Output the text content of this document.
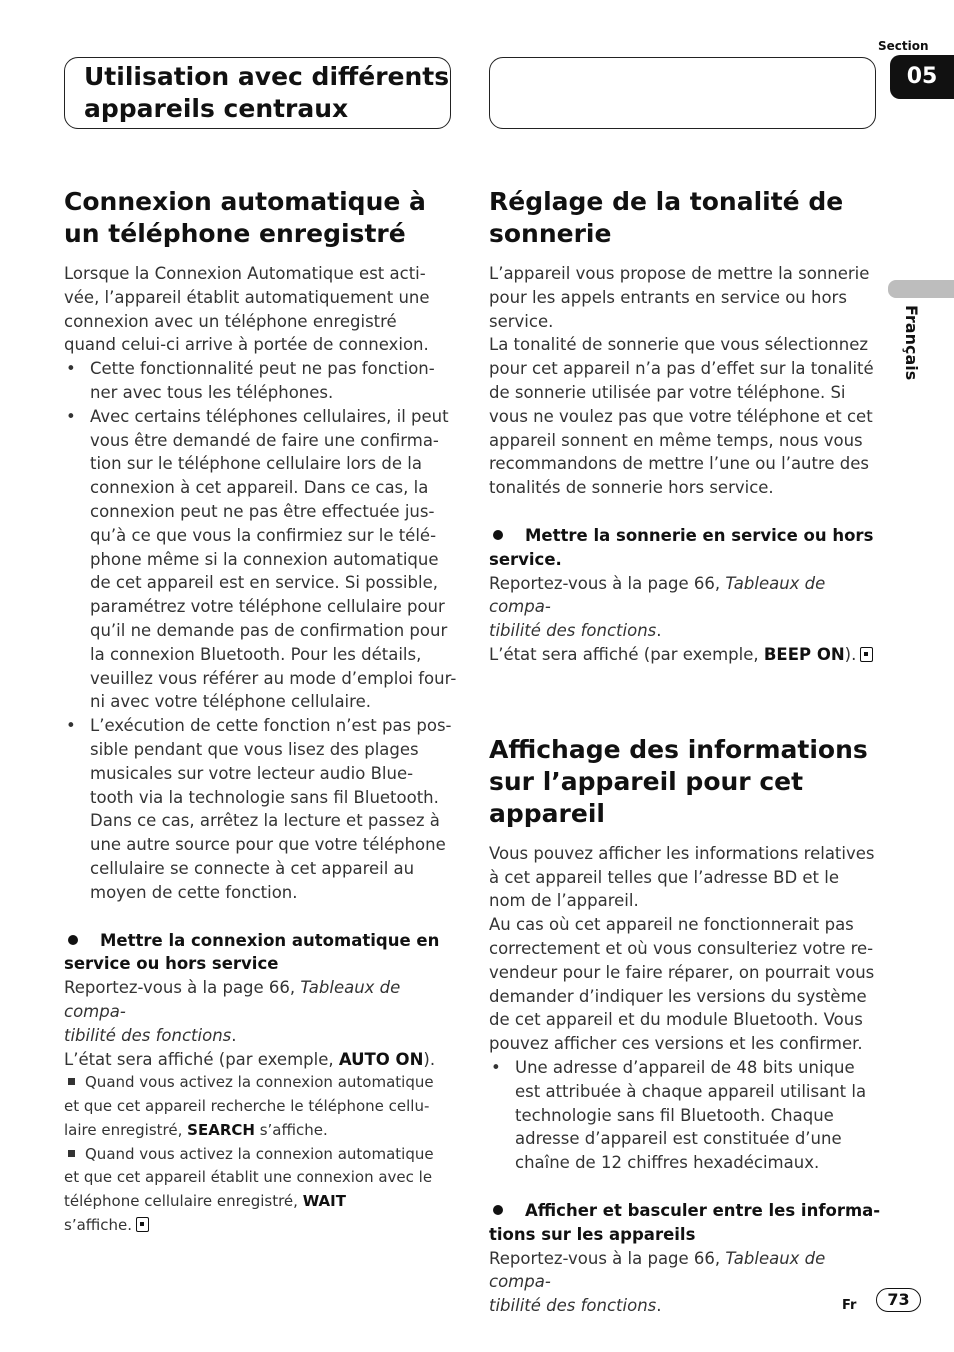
Utilisation avec différents
appareils centraux
Section
05
Français
Connexion automatique à
un téléphone enregistré

Lorsque la Connexion Automatique est acti-
vée, l’appareil établit automatiquement une
connexion avec un téléphone enregistré
quand celui-ci arrive à portée de connexion.

• Cette fonctionnalité peut ne pas fonction-
ner avec tous les téléphones.
• Avec certains téléphones cellulaires, il peut
vous être demandé de faire une confirma-
tion sur le téléphone cellulaire lors de la
connexion à cet appareil. Dans ce cas, la
connexion peut ne pas être effectuée jus-
qu’à ce que vous la confirmiez sur le télé-
phone même si la connexion automatique
de cet appareil est en service. Si possible,
paramétrez votre téléphone cellulaire pour
qu’il ne demande pas de confirmation pour
la connexion Bluetooth. Pour les détails,
veuillez vous référer au mode d’emploi four-
ni avec votre téléphone cellulaire.
• L’exécution de cette fonction n’est pas pos-
sible pendant que vous lisez des plages
musicales sur votre lecteur audio Blue-
tooth via la technologie sans fil Bluetooth.
Dans ce cas, arrêtez la lecture et passez à
une autre source pour que votre téléphone
cellulaire se connecte à cet appareil au
moyen de cette fonction.
Mettre la connexion automatique en
service ou hors service

Reportez-vous à la page 66, Tableaux de compa-
tibilité des fonctions.

L’état sera affiché (par exemple, AUTO ON).

Quand vous activez la connexion automatique
et que cet appareil recherche le téléphone cellu-
laire enregistré, SEARCH s’affiche.
Quand vous activez la connexion automatique
et que cet appareil établit une connexion avec le
téléphone cellulaire enregistré, WAIT
s’affiche.
Réglage de la tonalité de
sonnerie

L’appareil vous propose de mettre la sonnerie
pour les appels entrants en service ou hors
service.

La tonalité de sonnerie que vous sélectionnez
pour cet appareil n’a pas d’effet sur la tonalité
de sonnerie utilisée par votre téléphone. Si
vous ne voulez pas que votre téléphone et cet
appareil sonnent en même temps, nous vous
recommandons de mettre l’une ou l’autre des
tonalités de sonnerie hors service.

Mettre la sonnerie en service ou hors
service.

Reportez-vous à la page 66, Tableaux de compa-
tibilité des fonctions.

L’état sera affiché (par exemple, BEEP ON).

Affichage des informations
sur l’appareil pour cet appareil

Vous pouvez afficher les informations relatives
à cet appareil telles que l’adresse BD et le
nom de l’appareil.

Au cas où cet appareil ne fonctionnerait pas
correctement et où vous consulteriez votre re-
vendeur pour le faire réparer, on pourrait vous
demander d’indiquer les versions du système
de cet appareil et du module Bluetooth. Vous
pouvez afficher ces versions et les confirmer.

• Une adresse d’appareil de 48 bits unique
est attribuée à chaque appareil utilisant la
technologie sans fil Bluetooth. Chaque
adresse d’appareil est constituée d’une
chaîne de 12 chiffres hexadécimaux.
Afficher et basculer entre les informa-
tions sur les appareils

Reportez-vous à la page 66, Tableaux de compa-
tibilité des fonctions.	Fr	73
